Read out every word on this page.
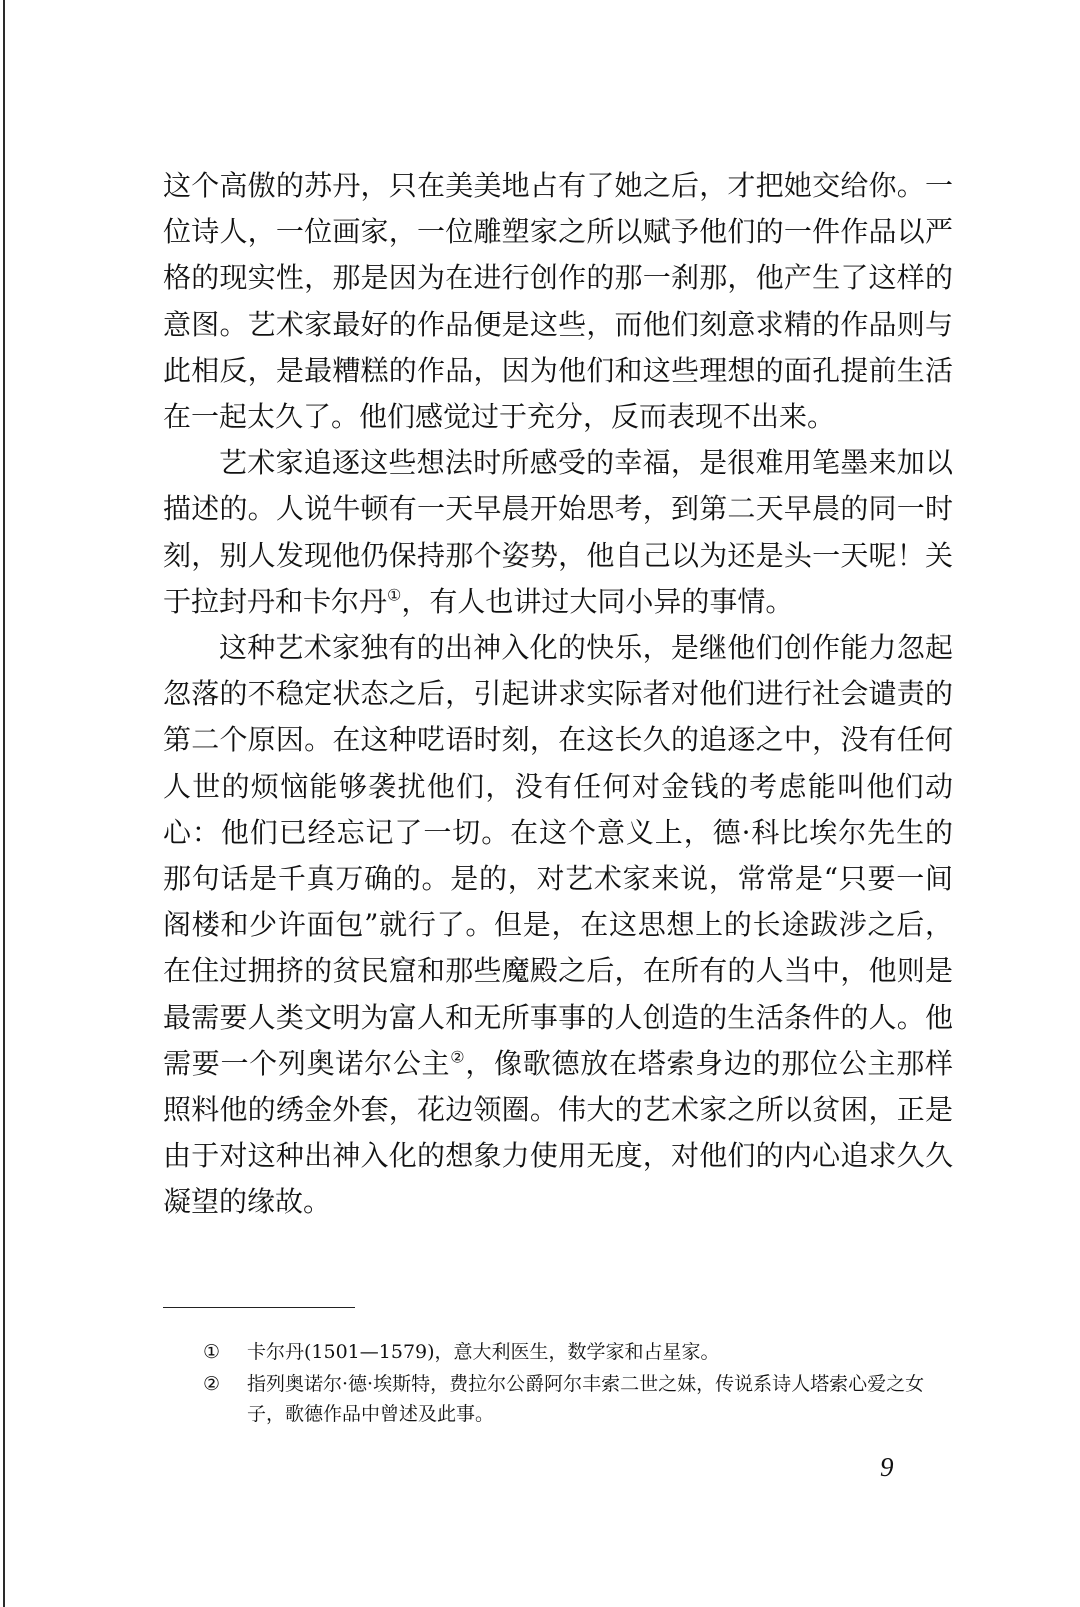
这个高傲的苏丹，只在美美地占有了她之后，才把她交给你。一位诗人，一位画家，一位雕塑家之所以赋予他们的一件作品以严格的现实性，那是因为在进行创作的那一刹那，他产生了这样的意图。艺术家最好的作品便是这些，而他们刻意求精的作品则与此相反，是最糟糕的作品，因为他们和这些理想的面孔提前生活在一起太久了。他们感觉过于充分，反而表现不出来。

艺术家追逐这些想法时所感受的幸福，是很难用笔墨来加以描述的。人说牛顿有一天早晨开始思考，到第二天早晨的同一时刻，别人发现他仍保持那个姿势，他自己以为还是头一天呢！关于拉封丹和卡尔丹①，有人也讲过大同小异的事情。

这种艺术家独有的出神入化的快乐，是继他们创作能力忽起忽落的不稳定状态之后，引起讲求实际者对他们进行社会谴责的第二个原因。在这种呓语时刻，在这长久的追逐之中，没有任何人世的烦恼能够袭扰他们，没有任何对金钱的考虑能叫他们动心：他们已经忘记了一切。在这个意义上，德·科比埃尔先生的那句话是千真万确的。是的，对艺术家来说，常常是“只要一间阁楼和少许面包”就行了。但是，在这思想上的长途跋涉之后，在住过拥挤的贫民窟和那些魔殿之后，在所有的人当中，他则是最需要人类文明为富人和无所事事的人创造的生活条件的人。他需要一个列奥诺尔公主②，像歌德放在塔索身边的那位公主那样照料他的绣金外套，花边领圈。伟大的艺术家之所以贫困，正是由于对这种出神入化的想象力使用无度，对他们的内心追求久久凝望的缘故。

① 卡尔丹(1501—1579)，意大利医生，数学家和占星家。
② 指列奥诺尔·德·埃斯特，费拉尔公爵阿尔丰索二世之妹，传说系诗人塔索心爱之女子，歌德作品中曾述及此事。
9
